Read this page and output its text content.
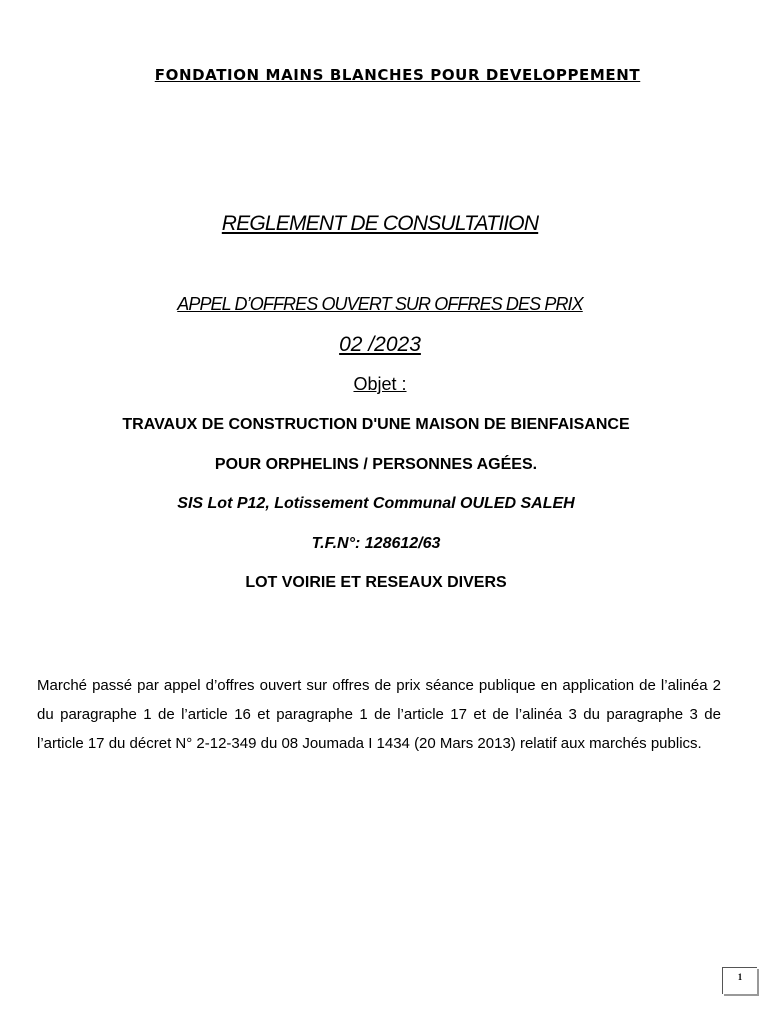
FONDATION MAINS BLANCHES POUR DEVELOPPEMENT
REGLEMENT DE CONSULTATIION
APPEL D’OFFRES OUVERT SUR OFFRES DES PRIX
02 /2023
Objet :
TRAVAUX DE CONSTRUCTION D'UNE MAISON DE BIENFAISANCE
POUR ORPHELINS / PERSONNES AGÉES.
SIS Lot P12, Lotissement Communal OULED SALEH
T.F.N°: 128612/63
LOT VOIRIE ET RESEAUX DIVERS
Marché passé par appel d’offres ouvert sur offres de prix séance publique en application de l’alinéa 2 du paragraphe 1 de l’article 16 et paragraphe 1 de l’article 17 et de l’alinéa 3 du paragraphe 3 de l’article 17 du décret N° 2-12-349 du 08 Joumada I 1434 (20 Mars 2013) relatif aux marchés publics.
1
